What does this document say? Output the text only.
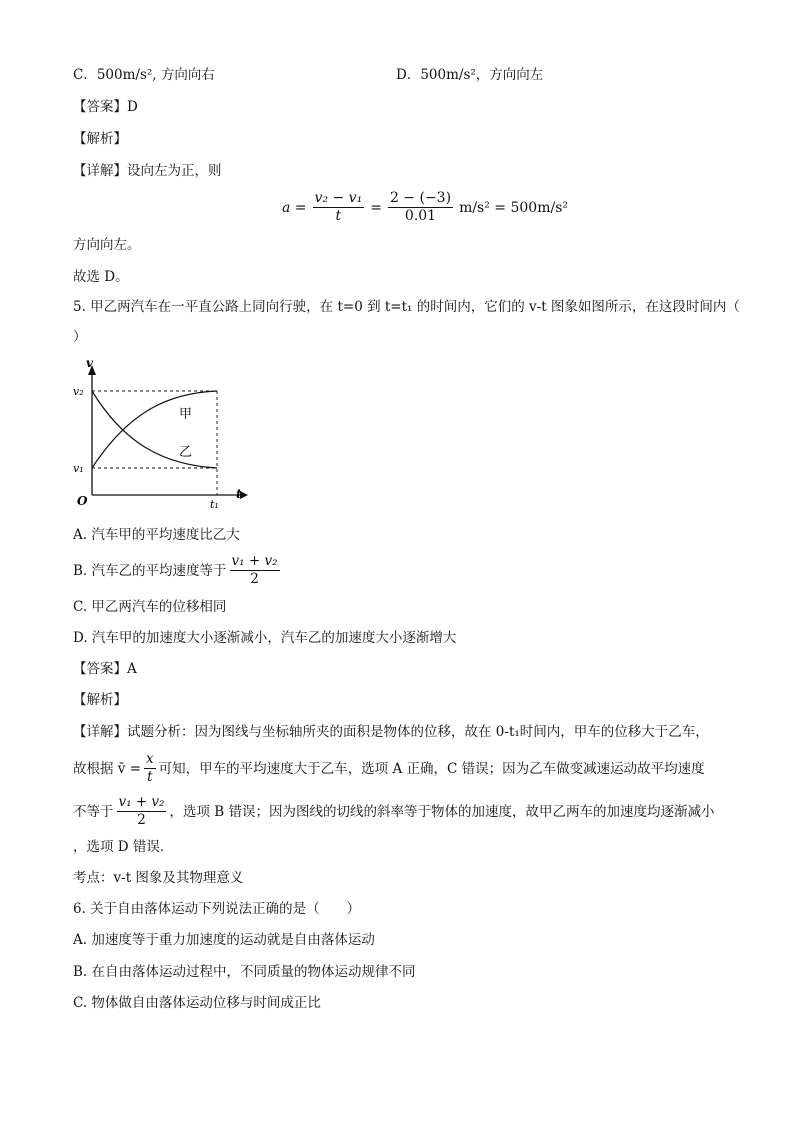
C．500m/s², 方向向右	D．500m/s²，方向向左
【答案】D
【解析】
【详解】设向左为正，则
$a = \frac{\text{v₂ − v₁}}{t} = \frac{2 - (-3)}{0.01} m/s^2 = 500m/s^2$
方向向左。
故选 D。
5. 甲乙两汽车在一平直公路上同向行驶，在 t=0 到 t=t₁ 的时间内，它们的 v-t 图象如图所示，在这段时间内（
）
v
t
O
v₂
v₁
t₁
甲
乙
A. 汽车甲的平均速度比乙大
B. 汽车乙的平均速度等于 $\frac{\text{v₁ + v₂}}{2}$
C. 甲乙两汽车的位移相同
D. 汽车甲的加速度大小逐渐减小，汽车乙的加速度大小逐渐增大
【答案】A
【解析】
【详解】试题分析：因为图线与坐标轴所夹的面积是物体的位移，故在 0-t₁时间内，甲车的位移大于乙车，
故根据 v̄ = $\frac{x}{t}$ 可知，甲车的平均速度大于乙车，选项 A 正确，C 错误；因为乙车做变减速运动故平均速度
不等于 $\frac{\text{v₁ + v₂}}{2}$ ，选项 B 错误；因为图线的切线的斜率等于物体的加速度，故甲乙两车的加速度均逐渐减小
，选项 D 错误．
考点：v-t 图象及其物理意义
6. 关于自由落体运动下列说法正确的是（　　）
A. 加速度等于重力加速度的运动就是自由落体运动
B. 在自由落体运动过程中，不同质量的物体运动规律不同
C. 物体做自由落体运动位移与时间成正比
